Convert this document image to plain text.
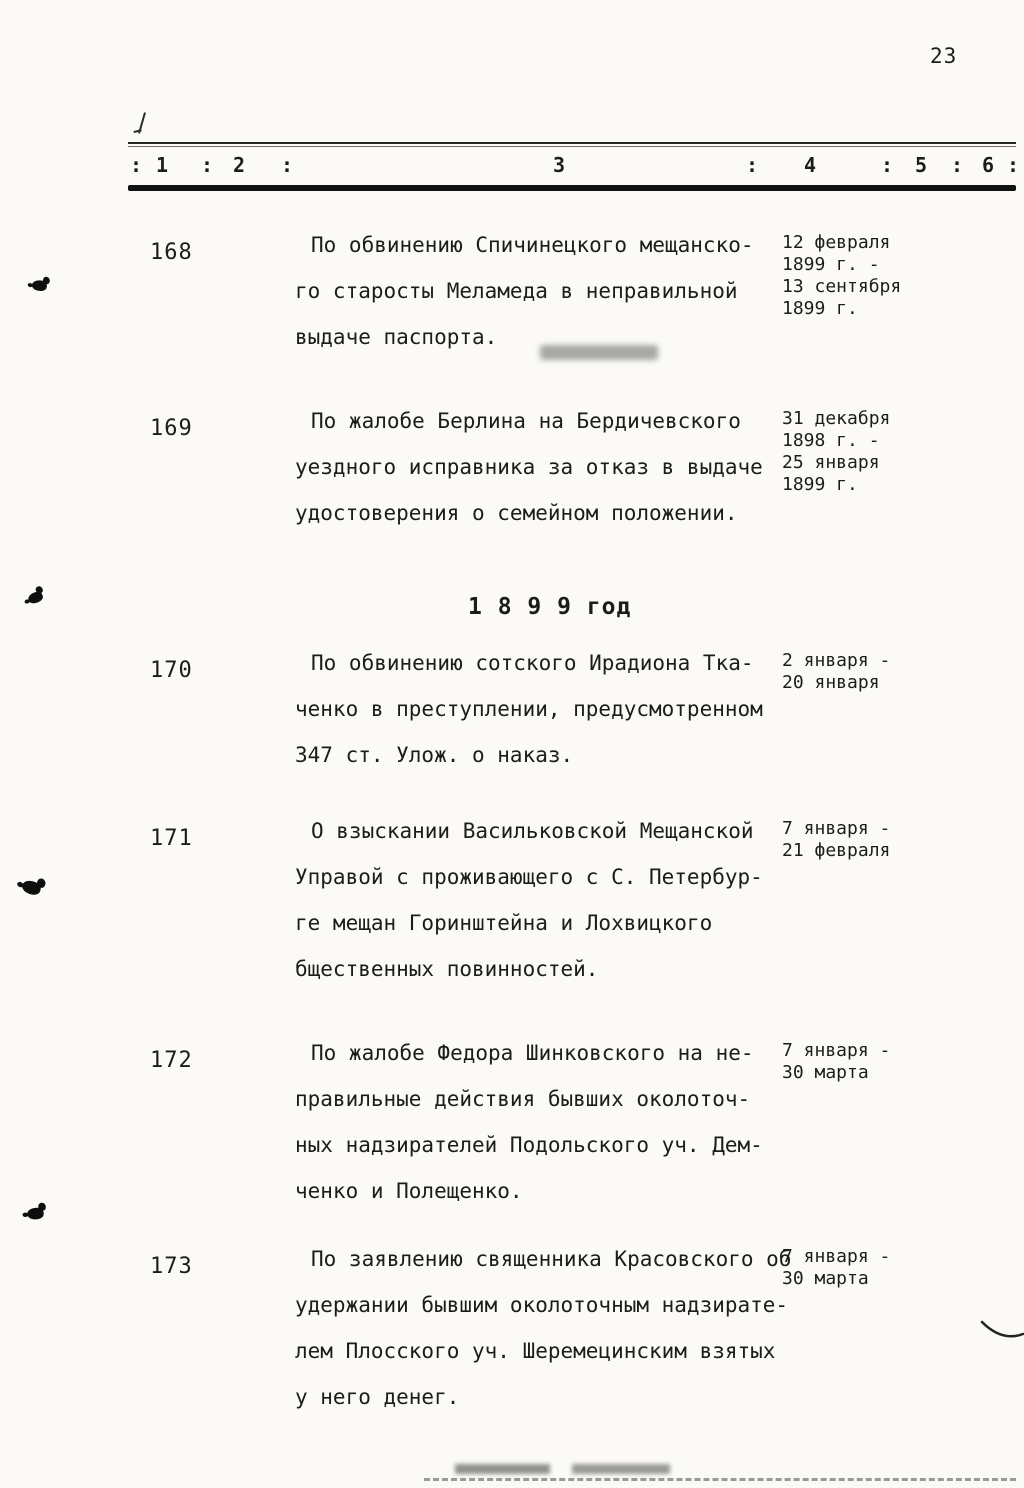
23
: 1 : 2 :	3	: 4	: 5 : 6 :
168	По обвинению Спичинецкого мещанско-
го старосты Меламеда в неправильной
выдаче паспорта.
12 февраля
1899 г. -
13 сентября
1899 г.
169	По жалобе Берлина на Бердичевского
уездного исправника за отказ в выдаче
удостоверения о семейном положении.
31 декабря
1898 г. -
25 января
1899 г.
1 8 9 9 год
170	По обвинению сотского Ирадиона Тка-
ченко в преступлении, предусмотренном
347 ст. Улож. о наказ.
2 января -
20 января
171	О взыскании Васильковской Мещанской
Управой с проживающего с С. Петербур-
ге мещан Горинштейна и Лохвицкого
бщественных повинностей.
7 января -
21 февраля
172	По жалобе Федора Шинковского на не-
правильные действия бывших околоточ-
ных надзирателей Подольского уч. Дем-
ченко и Полещенко.
7 января -
30 марта
173	По заявлению священника Красовского об
удержании бывшим околоточным надзирате-
лем Плосского уч. Шеремецинским взятых
у него денег.
7 января -
30 марта
